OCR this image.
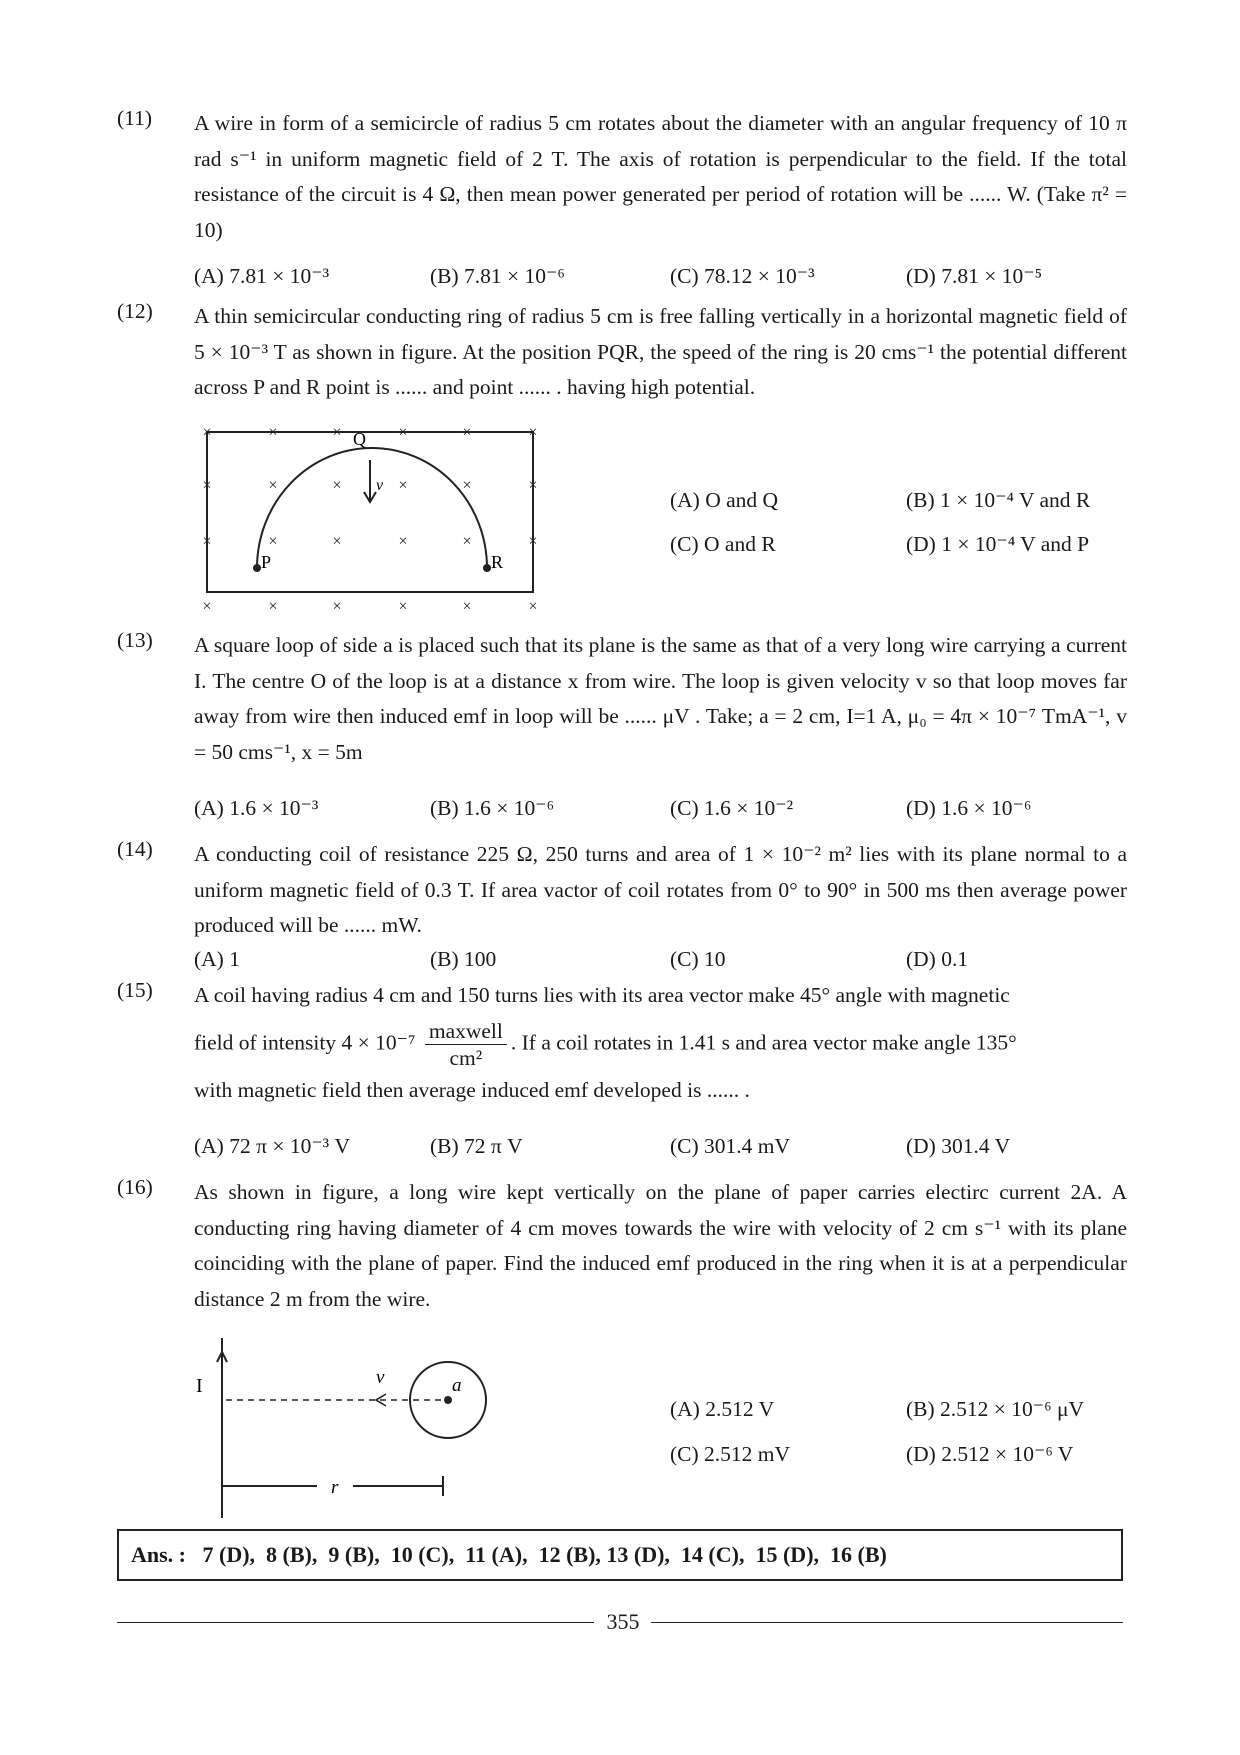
(11) A wire in form of a semicircle of radius 5 cm rotates about the diameter with an angular frequency of 10 π rad s⁻¹ in uniform magnetic field of 2 T. The axis of rotation is perpendicular to the field. If the total resistance of the circuit is 4 Ω, then mean power generated per period of rotation will be ...... W. (Take π² = 10)
(A) 7.81 × 10⁻³	(B) 7.81 × 10⁻⁶	(C) 78.12 × 10⁻³	(D) 7.81 × 10⁻⁵
(12) A thin semicircular conducting ring of radius 5 cm is free falling vertically in a horizontal magnetic field of 5 × 10⁻³ T as shown in figure. At the position PQR, the speed of the ring is 20 cms⁻¹ the potential different across P and R point is ...... and point ...... . having high potential.
×	×	×	×	×	×
×	×	×	×	×	×
×	×	×	×	×	×
×	×	×	×	×	×
Q
P	R
v⃗
(A) O and Q	(B) 1 × 10⁻⁴ V and R
(C) O and R	(D) 1 × 10⁻⁴ V and P
(13) A square loop of side a is placed such that its plane is the same as that of a very long wire carrying a current I. The centre O of the loop is at a distance x from wire. The loop is given velocity v so that loop moves far away from wire then induced emf in loop will be ...... μV . Take; a = 2 cm, I=1 A, μ₀ = 4π × 10⁻⁷ TmA⁻¹, v = 50 cms⁻¹, x = 5m
(A) 1.6 × 10⁻³	(B) 1.6 × 10⁻⁶	(C) 1.6 × 10⁻²	(D) 1.6 × 10⁻⁶
(14) A conducting coil of resistance 225 Ω, 250 turns and area of 1 × 10⁻² m² lies with its plane normal to a uniform magnetic field of 0.3 T. If area vactor of coil rotates from 0° to 90° in 500 ms then average power produced will be ...... mW.
(A) 1	(B) 100	(C) 10	(D) 0.1
(15) A coil having radius 4 cm and 150 turns lies with its area vector make 45° angle with magnetic
field of intensity $4 \times 10^{-7} \frac{\text{maxwell}}{\text{cm²}}$ . If a coil rotates in 1.41 s and area vector make angle 135°
with magnetic field then average induced emf developed is ...... .
(A) 72 π × 10⁻³ V	(B) 72 π V	(C) 301.4 mV	(D) 301.4 V
(16) As shown in figure, a long wire kept vertically on the plane of paper carries electirc current 2A. A conducting ring having diameter of 4 cm moves towards the wire with velocity of 2 cm s⁻¹ with its plane coinciding with the plane of paper. Find the induced emf produced in the ring when it is at a perpendicular distance 2 m from the wire.
I	v	a
r
(A) 2.512 V	(B) 2.512 × 10⁻⁶ μV
(C) 2.512 mV	(D) 2.512 × 10⁻⁶ V
Ans. :   7 (D),  8 (B),  9 (B),  10 (C),  11 (A),  12 (B), 13 (D),  14 (C),  15 (D),  16 (B)
355
